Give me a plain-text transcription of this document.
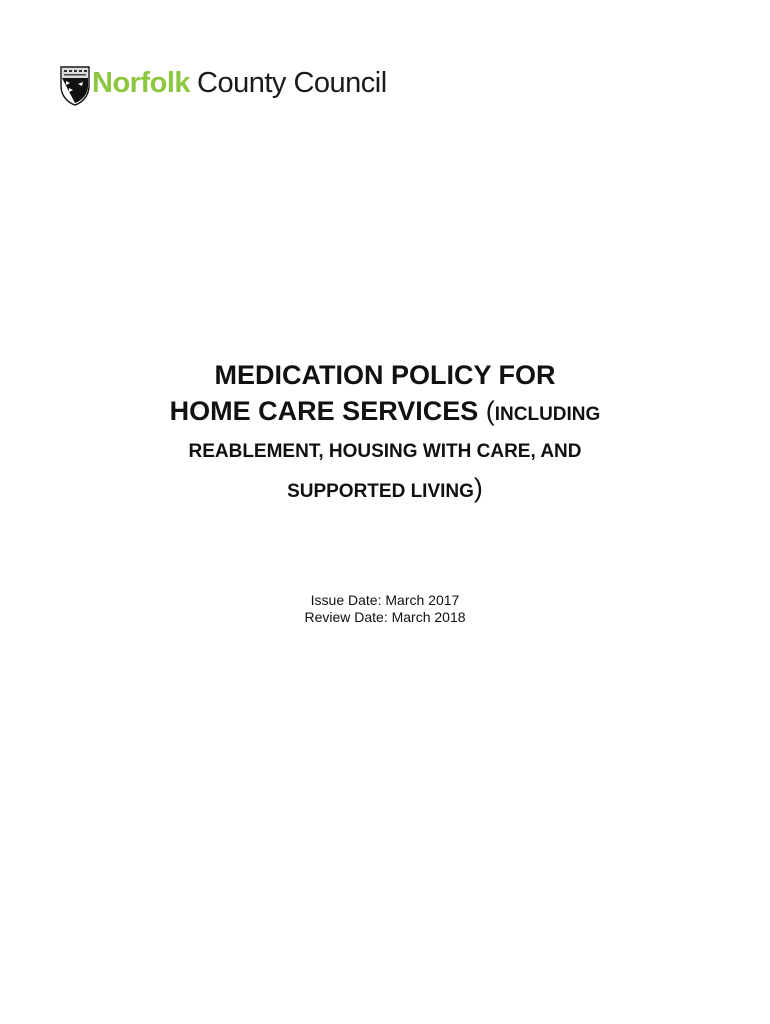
Norfolk County Council
MEDICATION POLICY FOR
HOME CARE SERVICES (INCLUDING
REABLEMENT, HOUSING WITH CARE, AND
SUPPORTED LIVING)
Issue Date: March 2017
Review Date: March 2018
